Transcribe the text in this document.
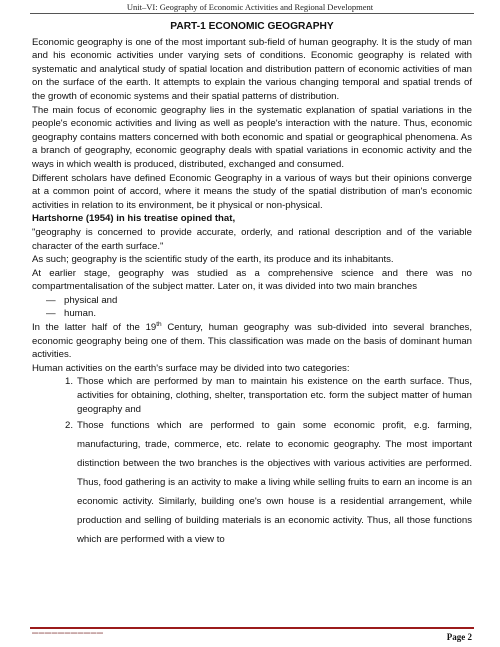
Unit–VI: Geography of Economic Activities and Regional Development

PART-1 ECONOMIC GEOGRAPHY

Economic geography is one of the most important sub-field of human geography. It is the study of man and his economic activities under varying sets of conditions. Economic geography is related with systematic and analytical study of spatial location and distribution pattern of economic activities of man on the surface of the earth. It attempts to explain the various changing temporal and spatial trends of the growth of economic systems and their spatial patterns of distribution.

The main focus of economic geography lies in the systematic explanation of spatial variations in the people's economic activities and living as well as people's interaction with the nature. Thus, economic geography contains matters concerned with both economic and spatial or geographical phenomena. As a branch of geography, economic geography deals with spatial variations in economic activity and the ways in which wealth is produced, distributed, exchanged and consumed.

Different scholars have defined Economic Geography in a various of ways but their opinions converge at a common point of accord, where it means the study of the spatial distribution of man's economic activities in relation to its environment, be it physical or non-physical.

Hartshorne (1954) in his treatise opined that,

"geography is concerned to provide accurate, orderly, and rational description and of the variable character of the earth surface."

As such; geography is the scientific study of the earth, its produce and its inhabitants.

At earlier stage, geography was studied as a comprehensive science and there was no compartmentalisation of the subject matter. Later on, it was divided into two main branches

— physical and
— human.

In the latter half of the 19th Century, human geography was sub-divided into several branches, economic geography being one of them. This classification was made on the basis of dominant human activities.

Human activities on the earth's surface may be divided into two categories:

1. Those which are performed by man to maintain his existence on the earth surface. Thus, activities for obtaining, clothing, shelter, transportation etc. form the subject matter of human geography and
2. Those functions which are performed to gain some economic profit, e.g. farming, manufacturing, trade, commerce, etc. relate to economic geography. The most important distinction between the two branches is the objectives with various activities are performed. Thus, food gathering is an activity to make a living while selling fruits to earn an income is an economic activity. Similarly, building one's own house is a residential arrangement, while production and selling of building materials is an economic activity. Thus, all those functions which are performed with a view to
▬▬▬▬▬▬▬▬▬▬▬	Page 2
